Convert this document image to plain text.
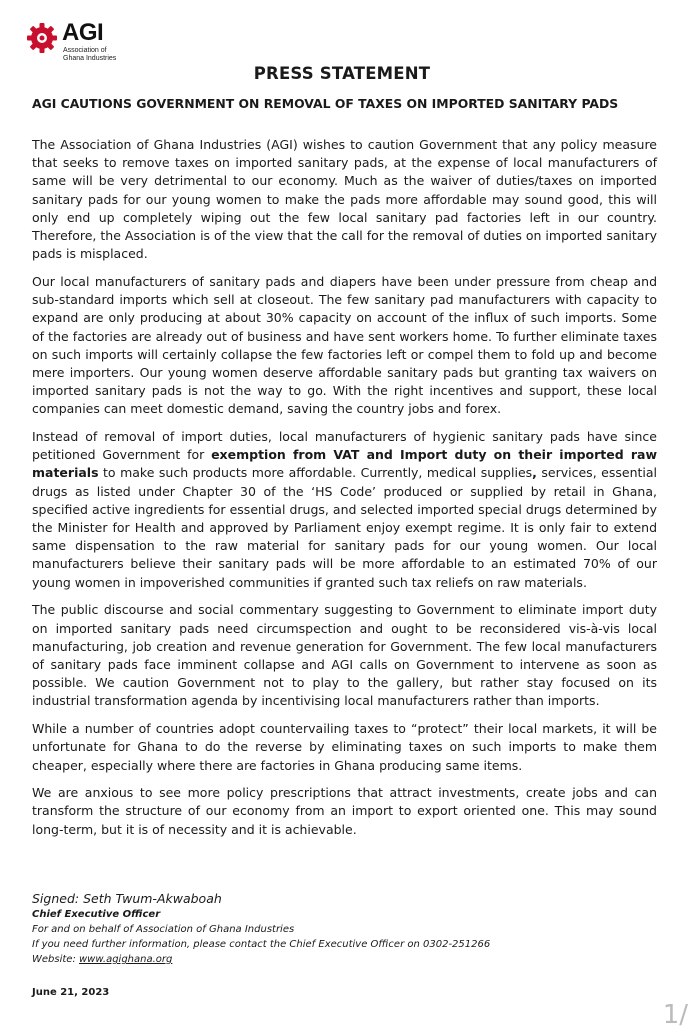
AGI
Association of
Ghana Industries
PRESS STATEMENT
AGI CAUTIONS GOVERNMENT ON REMOVAL OF TAXES ON IMPORTED SANITARY PADS

The Association of Ghana Industries (AGI) wishes to caution Government that any policy measure that seeks to remove taxes on imported sanitary pads, at the expense of local manufacturers of same will be very detrimental to our economy. Much as the waiver of duties/taxes on imported sanitary pads for our young women to make the pads more affordable may sound good, this will only end up completely wiping out the few local sanitary pad factories left in our country. Therefore, the Association is of the view that the call for the removal of duties on imported sanitary pads is misplaced.

Our local manufacturers of sanitary pads and diapers have been under pressure from cheap and sub-standard imports which sell at closeout. The few sanitary pad manufacturers with capacity to expand are only producing at about 30% capacity on account of the influx of such imports. Some of the factories are already out of business and have sent workers home. To further eliminate taxes on such imports will certainly collapse the few factories left or compel them to fold up and become mere importers. Our young women deserve affordable sanitary pads but granting tax waivers on imported sanitary pads is not the way to go. With the right incentives and support, these local companies can meet domestic demand, saving the country jobs and forex.

Instead of removal of import duties, local manufacturers of hygienic sanitary pads have since petitioned Government for exemption from VAT and Import duty on their imported raw materials to make such products more affordable. Currently, medical supplies, services, essential drugs as listed under Chapter 30 of the ‘HS Code’ produced or supplied by retail in Ghana, specified active ingredients for essential drugs, and selected imported special drugs determined by the Minister for Health and approved by Parliament enjoy exempt regime. It is only fair to extend same dispensation to the raw material for sanitary pads for our young women. Our local manufacturers believe their sanitary pads will be more affordable to an estimated 70% of our young women in impoverished communities if granted such tax reliefs on raw materials.

The public discourse and social commentary suggesting to Government to eliminate import duty on imported sanitary pads need circumspection and ought to be reconsidered vis-à-vis local manufacturing, job creation and revenue generation for Government. The few local manufacturers of sanitary pads face imminent collapse and AGI calls on Government to intervene as soon as possible. We caution Government not to play to the gallery, but rather stay focused on its industrial transformation agenda by incentivising local manufacturers rather than imports.

While a number of countries adopt countervailing taxes to “protect” their local markets, it will be unfortunate for Ghana to do the reverse by eliminating taxes on such imports to make them cheaper, especially where there are factories in Ghana producing same items.

We are anxious to see more policy prescriptions that attract investments, create jobs and can transform the structure of our economy from an import to export oriented one. This may sound long-term, but it is of necessity and it is achievable.

Signed: Seth Twum-Akwaboah
Chief Executive Officer
For and on behalf of Association of Ghana Industries
If you need further information, please contact the Chief Executive Officer on 0302-251266
Website: www.agighana.org
June 21, 2023
1/
